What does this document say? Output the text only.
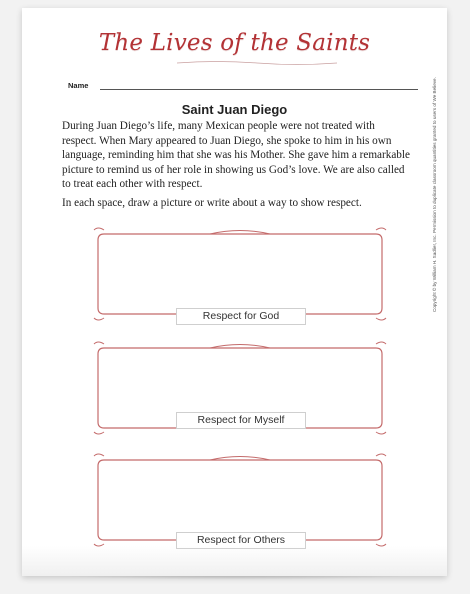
The Lives of the Saints
Name
Saint Juan Diego

During Juan Diego’s life, many Mexican people were not treated with respect. When Mary appeared to Juan Diego, she spoke to him in his own language, reminding him that she was his Mother. She gave him a remarkable picture to remind us of her role in showing us God’s love. We are also called to treat each other with respect.

In each space, draw a picture or write about a way to show respect.

Respect for God
Respect for Myself
Respect for Others
Copyright © by William H. Sadlier, Inc. Permission to duplicate classroom quantities granted to users of We Believe.
